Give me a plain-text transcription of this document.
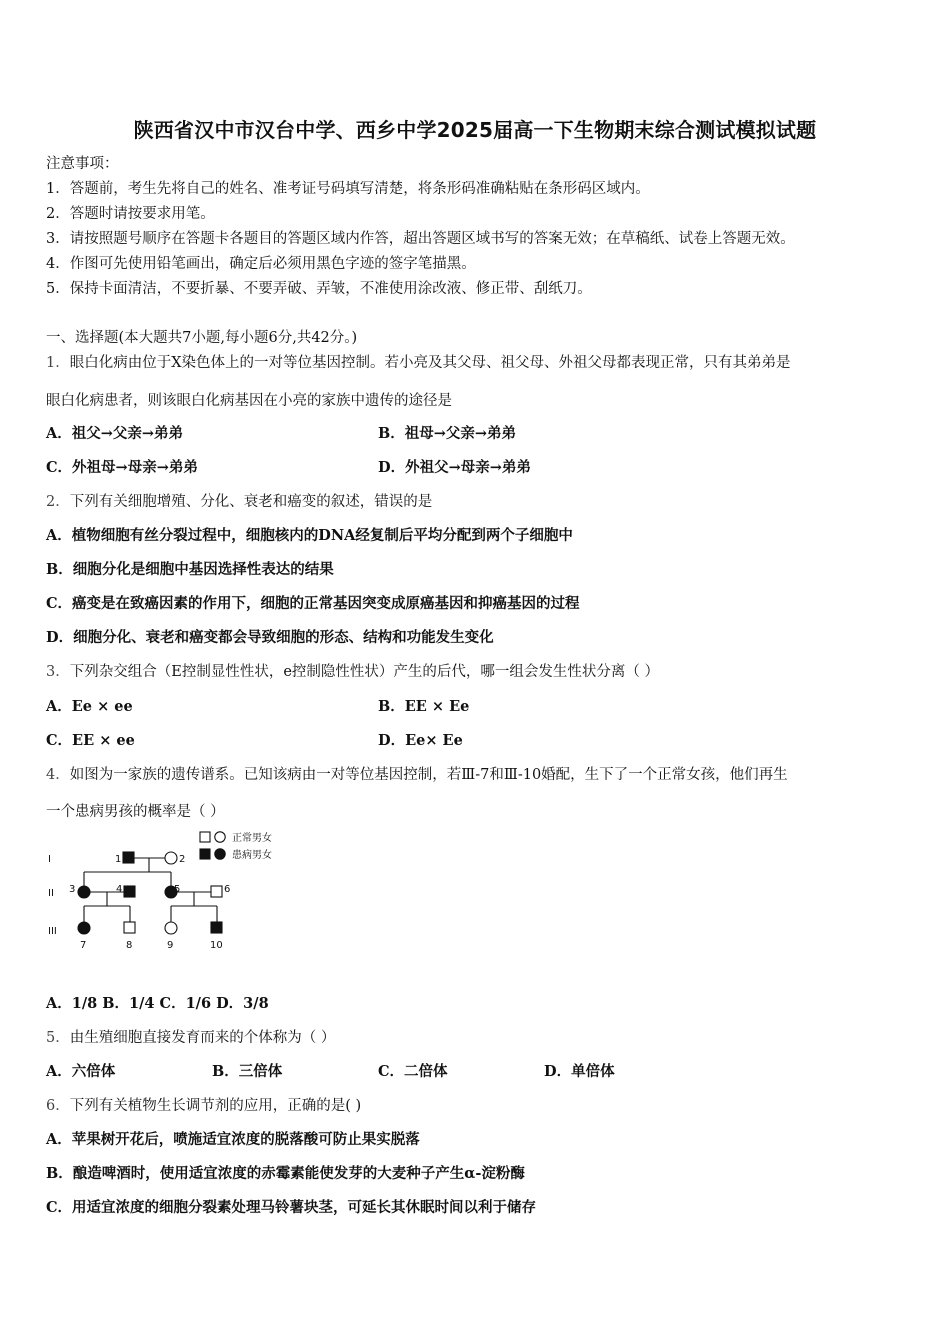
陕西省汉中市汉台中学、西乡中学2025届高一下生物期末综合测试模拟试题
注意事项：
1．答题前，考生先将自己的姓名、准考证号码填写清楚，将条形码准确粘贴在条形码区域内。
2．答题时请按要求用笔。
3．请按照题号顺序在答题卡各题目的答题区域内作答，超出答题区域书写的答案无效；在草稿纸、试卷上答题无效。
4．作图可先使用铅笔画出，确定后必须用黑色字迹的签字笔描黑。
5．保持卡面清洁，不要折暴、不要弄破、弄皱，不准使用涂改液、修正带、刮纸刀。
一、选择题(本大题共7小题,每小题6分,共42分。)
1．眼白化病由位于X染色体上的一对等位基因控制。若小亮及其父母、祖父母、外祖父母都表现正常，只有其弟弟是
眼白化病患者，则该眼白化病基因在小亮的家族中遗传的途径是
A．祖父→父亲→弟弟	B．祖母→父亲→弟弟
C．外祖母→母亲→弟弟	D．外祖父→母亲→弟弟
2．下列有关细胞增殖、分化、衰老和癌变的叙述，错误的是
A．植物细胞有丝分裂过程中，细胞核内的DNA经复制后平均分配到两个子细胞中
B．细胞分化是细胞中基因选择性表达的结果
C．癌变是在致癌因素的作用下，细胞的正常基因突变成原癌基因和抑癌基因的过程
D．细胞分化、衰老和癌变都会导致细胞的形态、结构和功能发生变化
3．下列杂交组合（E控制显性性状，e控制隐性性状）产生的后代，哪一组会发生性状分离（ ）
A．Ee × ee	B．EE × Ee
C．EE × ee	D．Ee× Ee
4．如图为一家族的遗传谱系。已知该病由一对等位基因控制，若Ⅲ-7和Ⅲ-10婚配，生下了一个正常女孩，他们再生
一个患病男孩的概率是（ ）
正常男女
患病男女
I
II
III
1	2
3	4	5	6
7	8	9	10
A．1/8 B．1/4 C．1/6 D．3/8
5．由生殖细胞直接发育而来的个体称为（ ）
A．六倍体	B．三倍体	C．二倍体	D．单倍体
6．下列有关植物生长调节剂的应用，正确的是( )
A．苹果树开花后，喷施适宜浓度的脱落酸可防止果实脱落
B．酿造啤酒时，使用适宜浓度的赤霉素能使发芽的大麦种子产生α-淀粉酶
C．用适宜浓度的细胞分裂素处理马铃薯块茎，可延长其休眠时间以利于储存
